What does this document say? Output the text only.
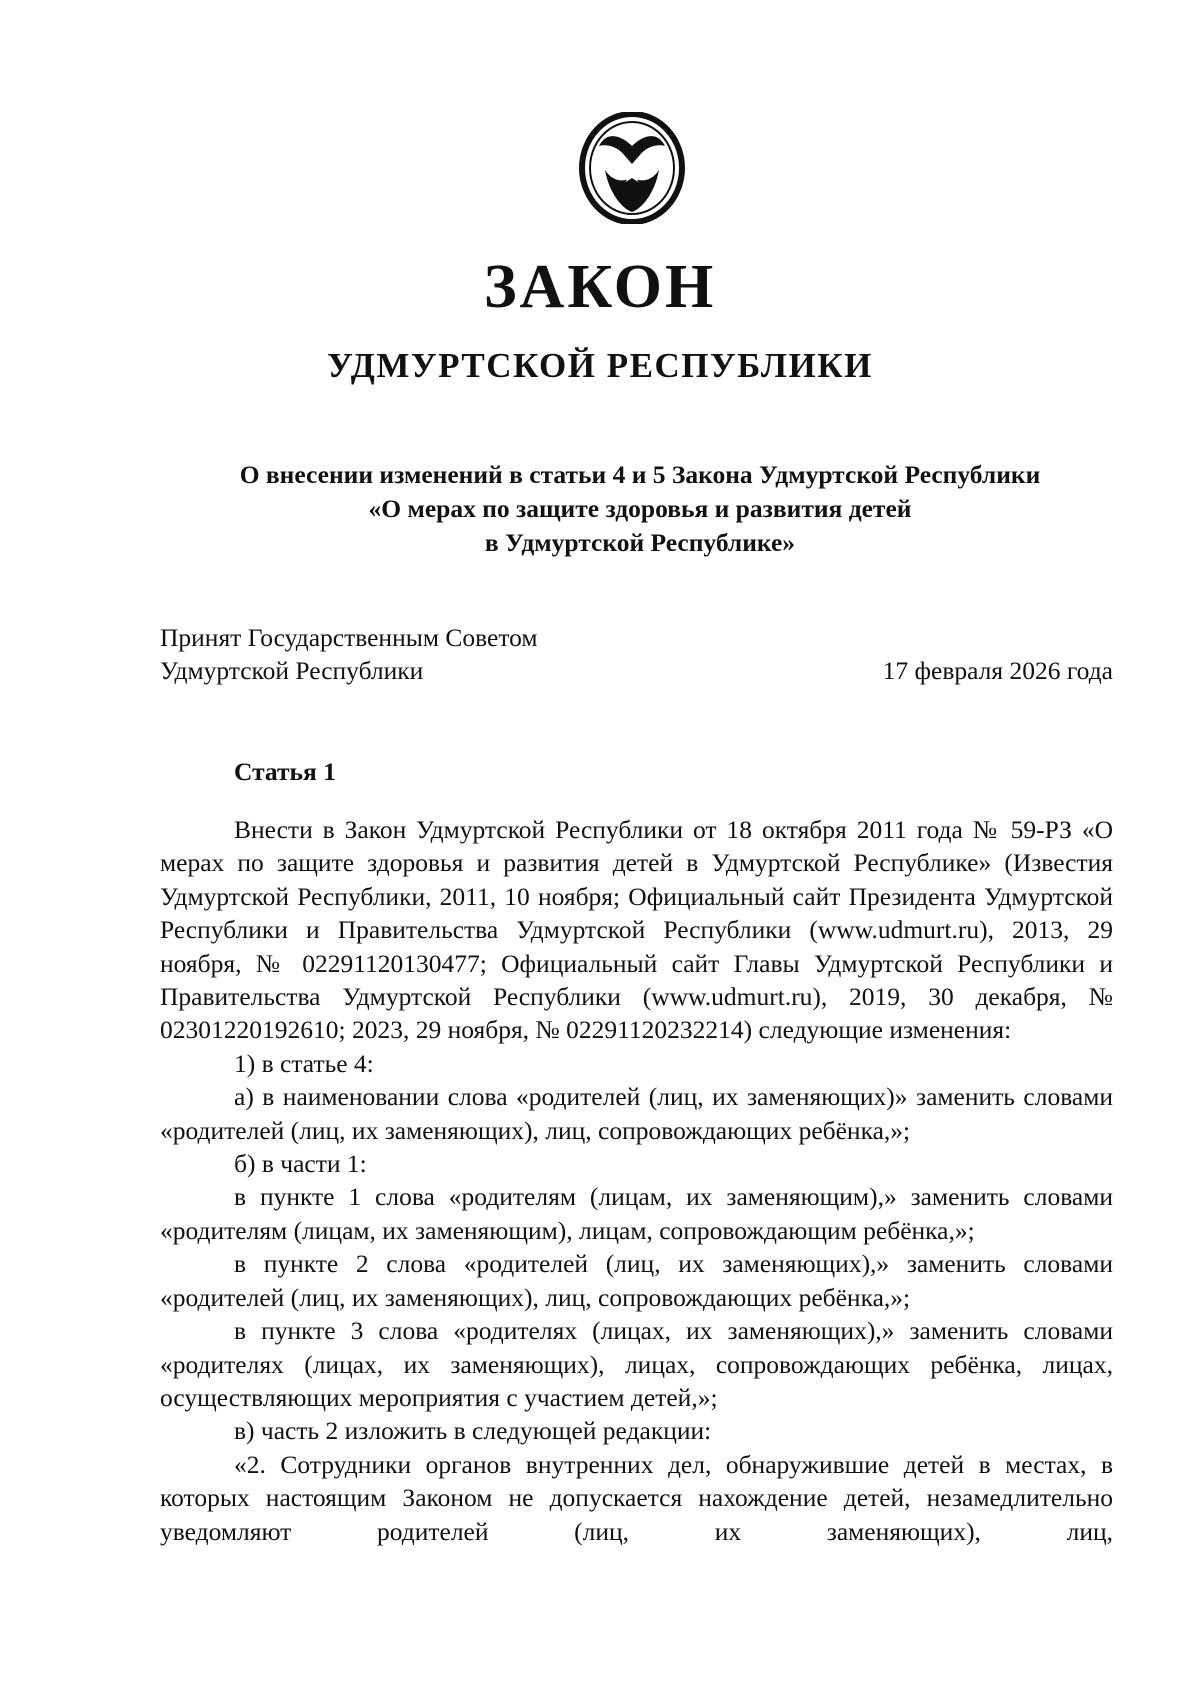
ЗАКОН
УДМУРТСКОЙ РЕСПУБЛИКИ
О внесении изменений в статьи 4 и 5 Закона Удмуртской Республики
«О мерах по защите здоровья и развития детей
в Удмуртской Республике»
Принят Государственным Советом
Удмуртской Республики	17 февраля 2026 года
Статья 1

Внести в Закон Удмуртской Республики от 18 октября 2011 года № 59-РЗ «О мерах по защите здоровья и развития детей в Удмуртской Республике» (Известия Удмуртской Республики, 2011, 10 ноября; Официальный сайт Президента Удмуртской Республики и Правительства Удмуртской Республики (www.udmurt.ru), 2013, 29 ноября, № 02291120130477; Официальный сайт Главы Удмуртской Республики и Правительства Удмуртской Республики (www.udmurt.ru), 2019, 30 декабря, № 02301220192610; 2023, 29 ноября, № 02291120232214) следующие изменения:

1) в статье 4:

а) в наименовании слова «родителей (лиц, их заменяющих)» заменить словами «родителей (лиц, их заменяющих), лиц, сопровождающих ребёнка,»;

б) в части 1:

в пункте 1 слова «родителям (лицам, их заменяющим),» заменить словами «родителям (лицам, их заменяющим), лицам, сопровождающим ребёнка,»;

в пункте 2 слова «родителей (лиц, их заменяющих),» заменить словами «родителей (лиц, их заменяющих), лиц, сопровождающих ребёнка,»;

в пункте 3 слова «родителях (лицах, их заменяющих),» заменить словами «родителях (лицах, их заменяющих), лицах, сопровождающих ребёнка, лицах, осуществляющих мероприятия с участием детей,»;

в) часть 2 изложить в следующей редакции:

«2. Сотрудники органов внутренних дел, обнаружившие детей в местах, в которых настоящим Законом не допускается нахождение детей, незамедлительно уведомляют родителей (лиц, их заменяющих), лиц,
